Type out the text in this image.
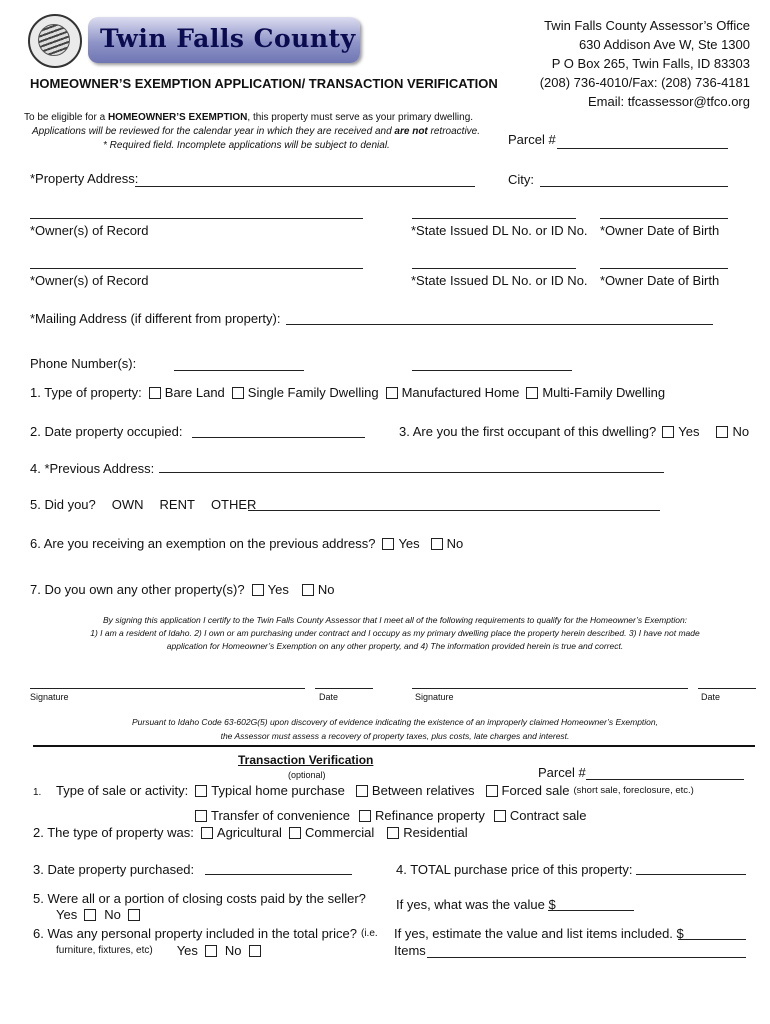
Twin Falls County	Twin Falls County Assessor’s Office
630 Addison Ave W, Ste 1300
P O Box 265, Twin Falls, ID 83303
(208) 736-4010/Fax: (208) 736-4181
Email: tfcassessor@tfco.org
HOMEOWNER’S EXEMPTION APPLICATION/ TRANSACTION VERIFICATION
To be eligible for a HOMEOWNER’S EXEMPTION, this property must serve as your primary dwelling.
Applications will be reviewed for the calendar year in which they are received and are not retroactive.
* Required field. Incomplete applications will be subject to denial.	Parcel #
*Property Address:	City:
*Owner(s) of Record	*State Issued DL No. or ID No. *Owner Date of Birth
*Owner(s) of Record	*State Issued DL No. or ID No. *Owner Date of Birth
*Mailing Address (if different from property):
Phone Number(s):
1. Type of property: Bare Land Single Family Dwelling Manufactured Home Multi-Family Dwelling
2. Date property occupied:	3. Are you the first occupant of this dwelling? Yes	No
4. *Previous Address:
5. Did you? OWN RENT OTHER
6. Are you receiving an exemption on the previous address? Yes No
7. Do you own any other property(s)? Yes No
By signing this application I certify to the Twin Falls County Assessor that I meet all of the following requirements to qualify for the Homeowner’s Exemption:
1) I am a resident of Idaho. 2) I own or am purchasing under contract and I occupy as my primary dwelling place the property herein described. 3) I have not made
application for Homeowner’s Exemption on any other property, and 4) The information provided herein is true and correct.
Signature	Date	Signature	Date
Pursuant to Idaho Code 63-602G(5) upon discovery of evidence indicating the existence of an improperly claimed Homeowner’s Exemption,
the Assessor must assess a recovery of property taxes, plus costs, late charges and interest.
Transaction Verification
(optional)	Parcel #
1. Type of sale or activity: Typical home purchase Between relatives Forced sale (short sale, foreclosure, etc.)
Transfer of convenience Refinance property Contract sale
2. The type of property was: Agricultural Commercial Residential
3. Date property purchased:	4. TOTAL purchase price of this property:
5. Were all or a portion of closing costs paid by the seller?
Yes No
If yes, what was the value $
6. Was any personal property included in the total price? (i.e.
furniture, fixtures, etc) Yes No
If yes, estimate the value and list items included. $
Items
